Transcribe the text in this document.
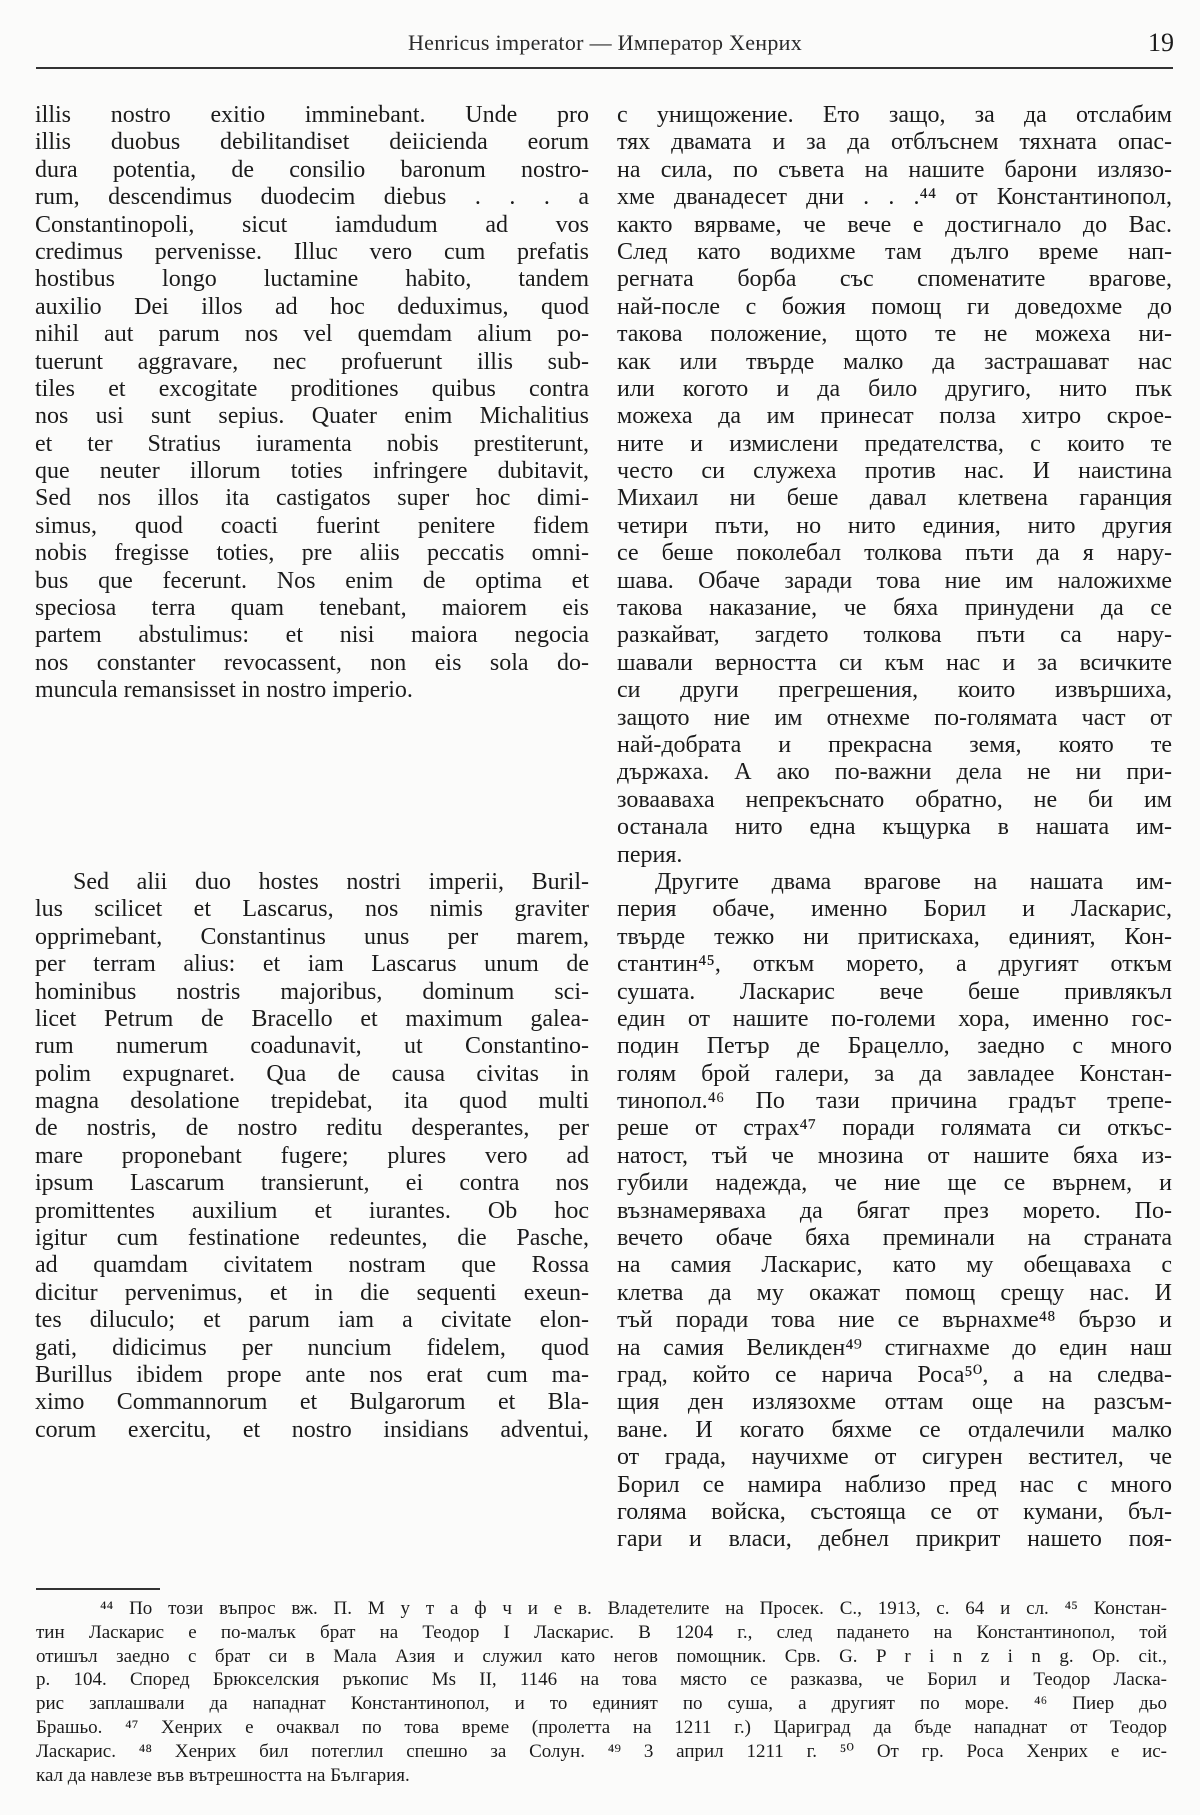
Henricus imperator — Император Хенрих	19
illis nostro exitio imminebant. Unde pro
illis duobus debilitandiset deiicienda eorum
dura potentia, de consilio baronum nostro-
rum, descendimus duodecim diebus . . . a
Constantinopoli, sicut iamdudum ad vos
credimus pervenisse. Illuc vero cum prefatis
hostibus longo luctamine habito, tandem
auxilio Dei illos ad hoc deduximus, quod
nihil aut parum nos vel quemdam alium po-
tuerunt aggravare, nec profuerunt illis sub-
tiles et excogitate proditiones quibus contra
nos usi sunt sepius. Quater enim Michalitius
et ter Stratius iuramenta nobis prestiterunt,
que neuter illorum toties infringere dubitavit,
Sed nos illos ita castigatos super hoc dimi-
simus, quod coacti fuerint penitere fidem
nobis fregisse toties, pre aliis peccatis omni-
bus que fecerunt. Nos enim de optima et
speciosa terra quam tenebant, maiorem eis
partem abstulimus: et nisi maiora negocia
nos constanter revocassent, non eis sola do-
muncula remansisset in nostro imperio.
Sed alii duo hostes nostri imperii, Buril-
lus scilicet et Lascarus, nos nimis graviter
opprimebant, Constantinus unus per marem,
per terram alius: et iam Lascarus unum de
hominibus nostris majoribus, dominum sci-
licet Petrum de Bracello et maximum galea-
rum numerum coadunavit, ut Constantino-
polim expugnaret. Qua de causa civitas in
magna desolatione trepidebat, ita quod multi
de nostris, de nostro reditu desperantes, per
mare proponebant fugere; plures vero ad
ipsum Lascarum transierunt, ei contra nos
promittentes auxilium et iurantes. Ob hoc
igitur cum festinatione redeuntes, die Pasche,
ad quamdam civitatem nostram que Rossa
dicitur pervenimus, et in die sequenti exeun-
tes diluculo; et parum iam a civitate elon-
gati, didicimus per nuncium fidelem, quod
Burillus ibidem prope ante nos erat cum ma-
ximo Commannorum et Bulgarorum et Bla-
corum exercitu, et nostro insidians adventui,
с унищожение. Ето защо, за да отслабим
тях двамата и за да отблъснем тяхната опас-
на сила, по съвета на нашите барони излязо-
хме дванадесет дни . . .⁴⁴ от Константинопол,
както вярваме, че вече е достигнало до Вас.
След като водихме там дълго време нап-
регната борба със споменатите врагове,
най-после с божия помощ ги доведохме до
такова положение, щото те не можеха ни-
как или твърде малко да застрашават нас
или когото и да било другиго, нито пък
можеха да им принесат полза хитро скрое-
ните и измислени предателства, с които те
често си служеха против нас. И наистина
Михаил ни беше давал клетвена гаранция
четири пъти, но нито единия, нито другия
се беше поколебал толкова пъти да я нару-
шава. Обаче заради това ние им наложихме
такова наказание, че бяха принудени да се
разкайват, загдето толкова пъти са нару-
шавали верността си към нас и за всичките
си други прегрешения, които извършиха,
защото ние им отнехме по-голямата част от
най-добрата и прекрасна земя, която те
държаха. А ако по-важни дела не ни при-
зовааваха непрекъснато обратно, не би им
останала нито една къщурка в нашата им-
перия.
Другите двама врагове на нашата им-
перия обаче, именно Борил и Ласкарис,
твърде тежко ни притискаха, единият, Кон-
стантин⁴⁵, откъм морето, а другият откъм
сушата. Ласкарис вече беше привлякъл
един от нашите по-големи хора, именно гос-
подин Петър де Брацелло, заедно с много
голям брой галери, за да завладее Констан-
тинопол.⁴⁶ По тази причина градът трепе-
реше от страх⁴⁷ поради голямата си откъс-
натост, тъй че мнозина от нашите бяха из-
губили надежда, че ние ще се върнем, и
възнамеряваха да бягат през морето. По-
вечето обаче бяха преминали на страната
на самия Ласкарис, като му обещаваха с
клетва да му окажат помощ срещу нас. И
тъй поради това ние се върнахме⁴⁸ бързо и
на самия Великден⁴⁹ стигнахме до един наш
град, който се нарича Роса⁵⁰, а на следва-
щия ден излязохме оттам още на разсъм-
ване. И когато бяхме се отдалечили малко
от града, научихме от сигурен вестител, че
Борил се намира наблизо пред нас с много
голяма войска, състояща се от кумани, бъл-
гари и власи, дебнел прикрит нашето поя-
⁴⁴ По този въпрос вж. П. М у т а ф ч и е в. Владетелите на Просек. С., 1913, с. 64 и сл. ⁴⁵ Констан-
тин Ласкарис е по-малък брат на Теодор I Ласкарис. В 1204 г., след падането на Константинопол, той
отишъл заедно с брат си в Мала Азия и служил като негов помощник. Срв. G. P r i n z i n g. Op. cit.,
p. 104. Според Брюкселския ръкопис Ms II, 1146 на това място се разказва, че Борил и Теодор Ласка-
рис заплашвали да нападнат Константинопол, и то единият по суша, а другият по море. ⁴⁶ Пиер дьо
Брашьо. ⁴⁷ Хенрих е очаквал по това време (пролетта на 1211 г.) Цариград да бъде нападнат от Теодор
Ласкарис. ⁴⁸ Хенрих бил потеглил спешно за Солун. ⁴⁹ 3 април 1211 г. ⁵⁰ От гр. Роса Хенрих е ис-
кал да навлезе във вътрешността на България.
